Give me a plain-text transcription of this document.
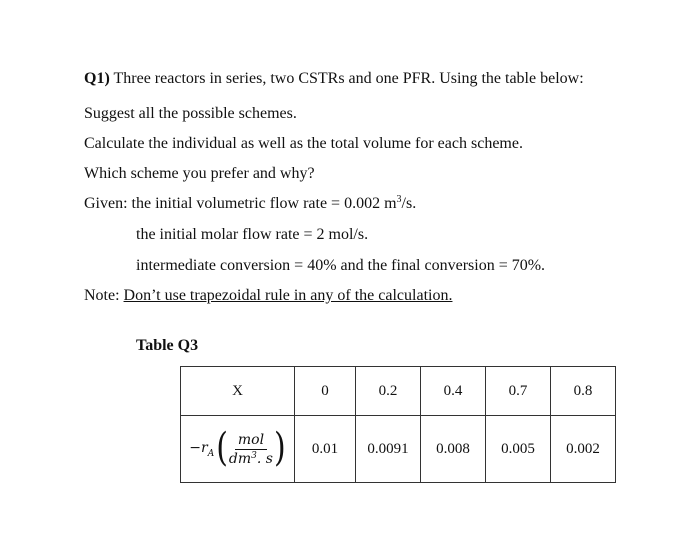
Q1) Three reactors in series, two CSTRs and one PFR. Using the table below:
Suggest all the possible schemes.
Calculate the individual as well as the total volume for each scheme.
Which scheme you prefer and why?
Given: the initial volumetric flow rate = 0.002 $m^3/s$.
the initial molar flow rate = 2 mol/s.
intermediate conversion = 40% and the final conversion = 70%.
Note: Don’t use trapezoidal rule in any of the calculation.
Table Q3
X	0	0.2	0.4	0.7	0.8

$-r_A$ ( $\frac{\text{mol}}{dm^3. s}$ )	0.01	0.0091	0.008	0.005	0.002
